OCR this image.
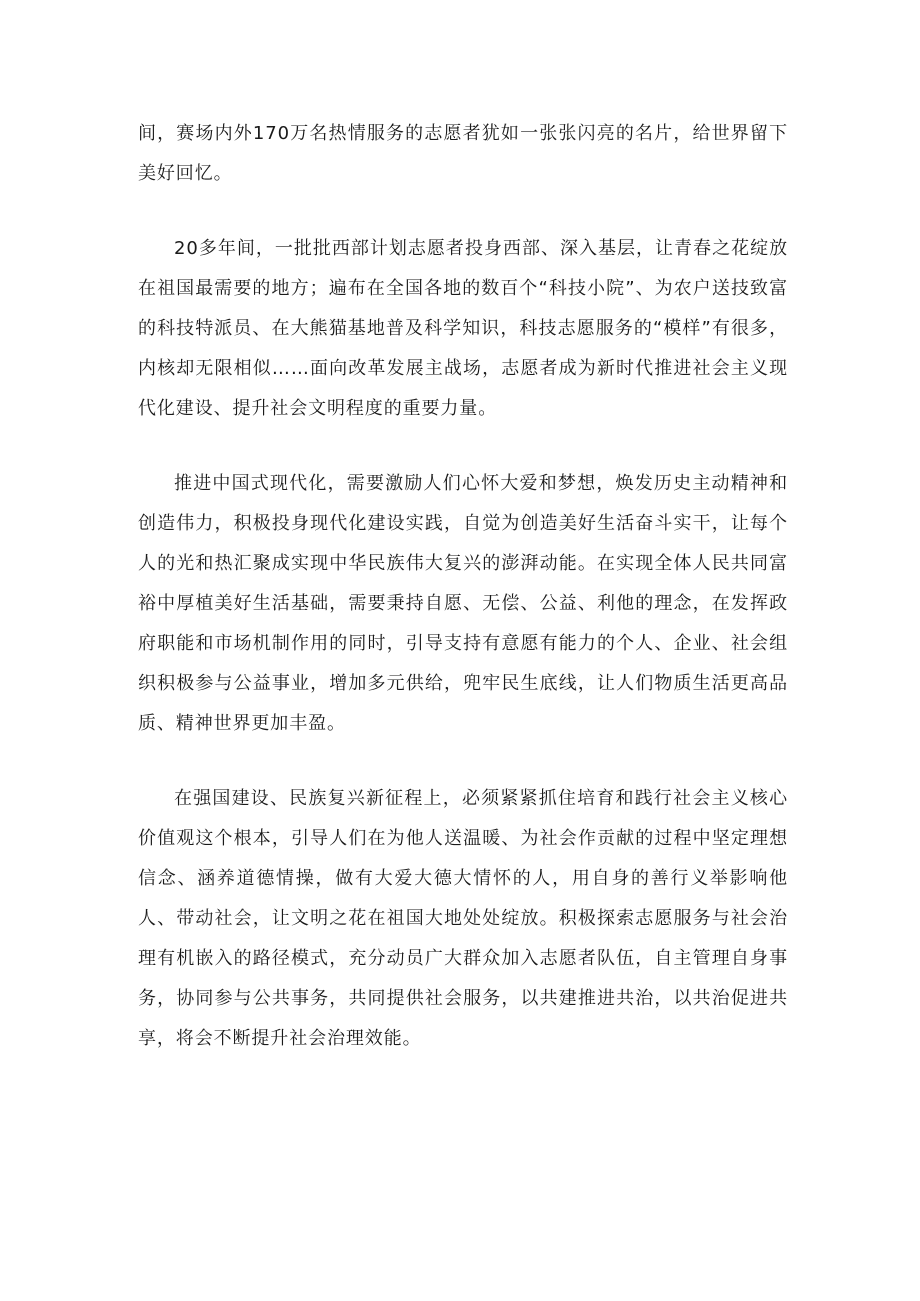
间，赛场内外170万名热情服务的志愿者犹如一张张闪亮的名片，给世界留下美好回忆。

20多年间，一批批西部计划志愿者投身西部、深入基层，让青春之花绽放在祖国最需要的地方；遍布在全国各地的数百个“科技小院”、为农户送技致富的科技特派员、在大熊猫基地普及科学知识，科技志愿服务的“模样”有很多，内核却无限相似……面向改革发展主战场，志愿者成为新时代推进社会主义现代化建设、提升社会文明程度的重要力量。

推进中国式现代化，需要激励人们心怀大爱和梦想，焕发历史主动精神和创造伟力，积极投身现代化建设实践，自觉为创造美好生活奋斗实干，让每个人的光和热汇聚成实现中华民族伟大复兴的澎湃动能。在实现全体人民共同富裕中厚植美好生活基础，需要秉持自愿、无偿、公益、利他的理念，在发挥政府职能和市场机制作用的同时，引导支持有意愿有能力的个人、企业、社会组织积极参与公益事业，增加多元供给，兜牢民生底线，让人们物质生活更高品质、精神世界更加丰盈。

在强国建设、民族复兴新征程上，必须紧紧抓住培育和践行社会主义核心价值观这个根本，引导人们在为他人送温暖、为社会作贡献的过程中坚定理想信念、涵养道德情操，做有大爱大德大情怀的人，用自身的善行义举影响他人、带动社会，让文明之花在祖国大地处处绽放。积极探索志愿服务与社会治理有机嵌入的路径模式，充分动员广大群众加入志愿者队伍，自主管理自身事务，协同参与公共事务，共同提供社会服务，以共建推进共治，以共治促进共享，将会不断提升社会治理效能。
